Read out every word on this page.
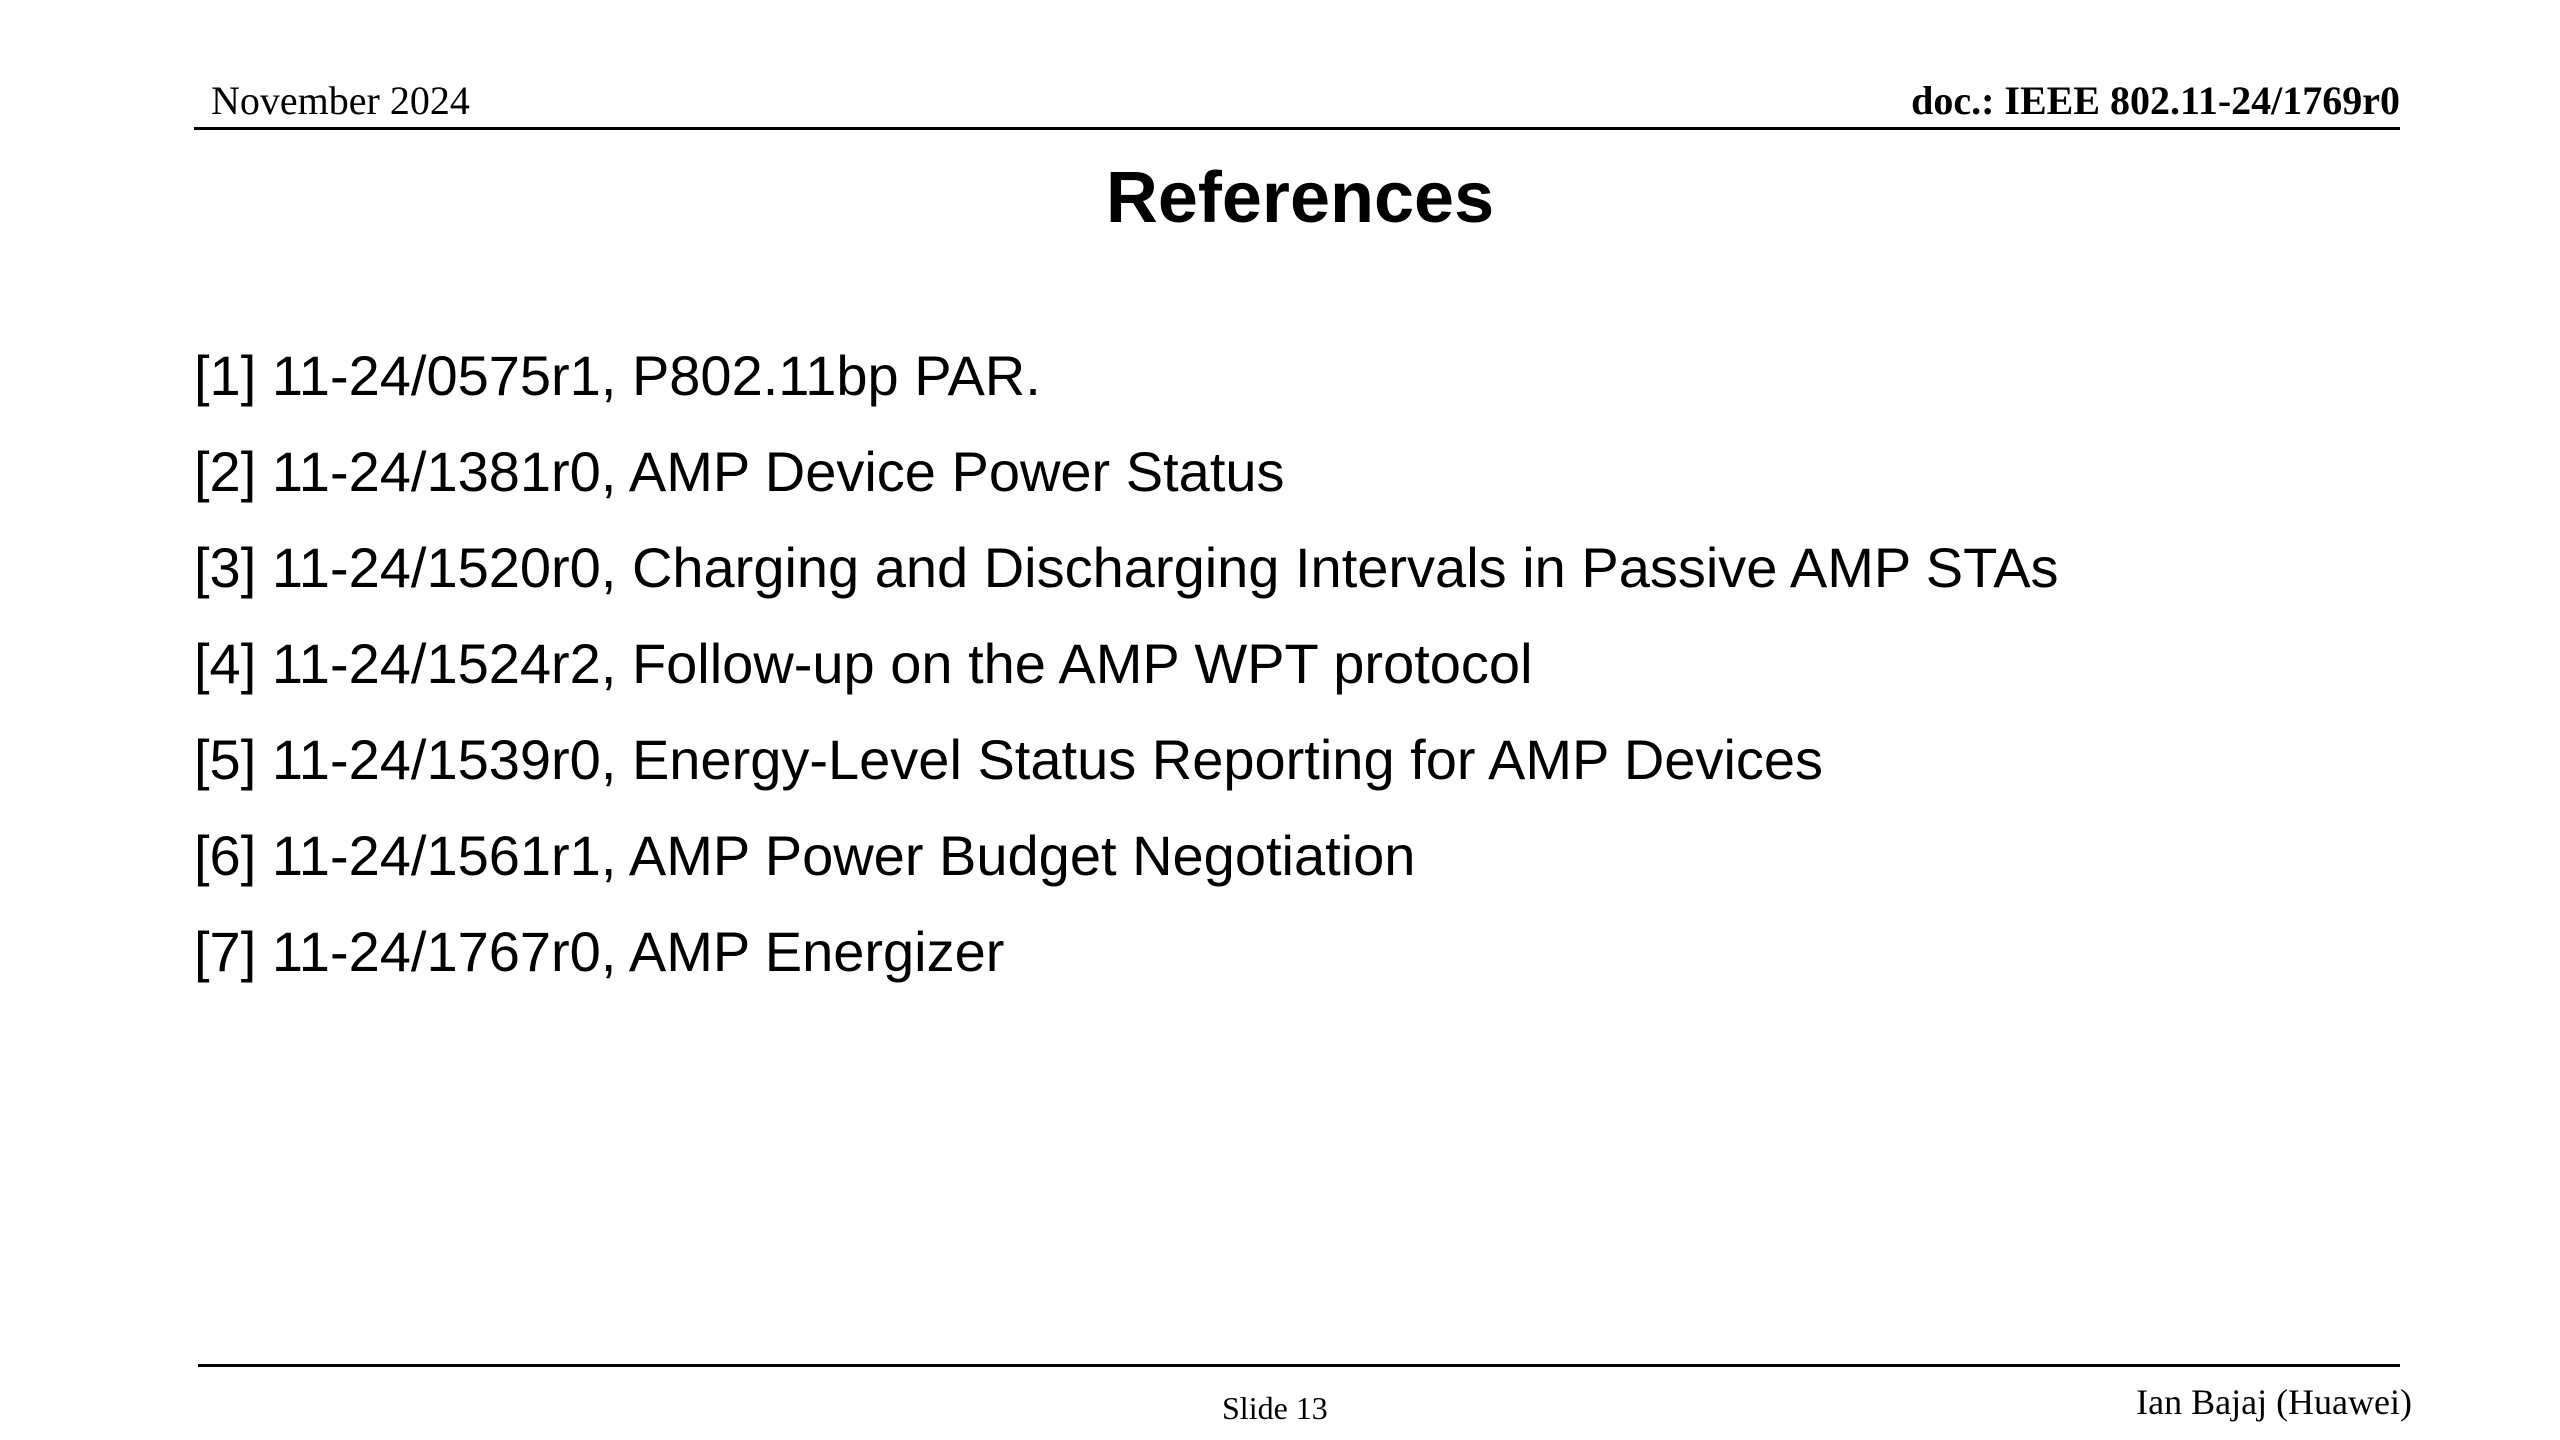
November 2024	doc.: IEEE 802.11-24/1769r0
References
[1] 11-24/0575r1, P802.11bp PAR.
[2] 11-24/1381r0, AMP Device Power Status
[3] 11-24/1520r0, Charging and Discharging Intervals in Passive AMP STAs
[4] 11-24/1524r2, Follow-up on the AMP WPT protocol
[5] 11-24/1539r0, Energy-Level Status Reporting for AMP Devices
[6] 11-24/1561r1, AMP Power Budget Negotiation
[7] 11-24/1767r0, AMP Energizer
Slide 13	Ian Bajaj (Huawei)
